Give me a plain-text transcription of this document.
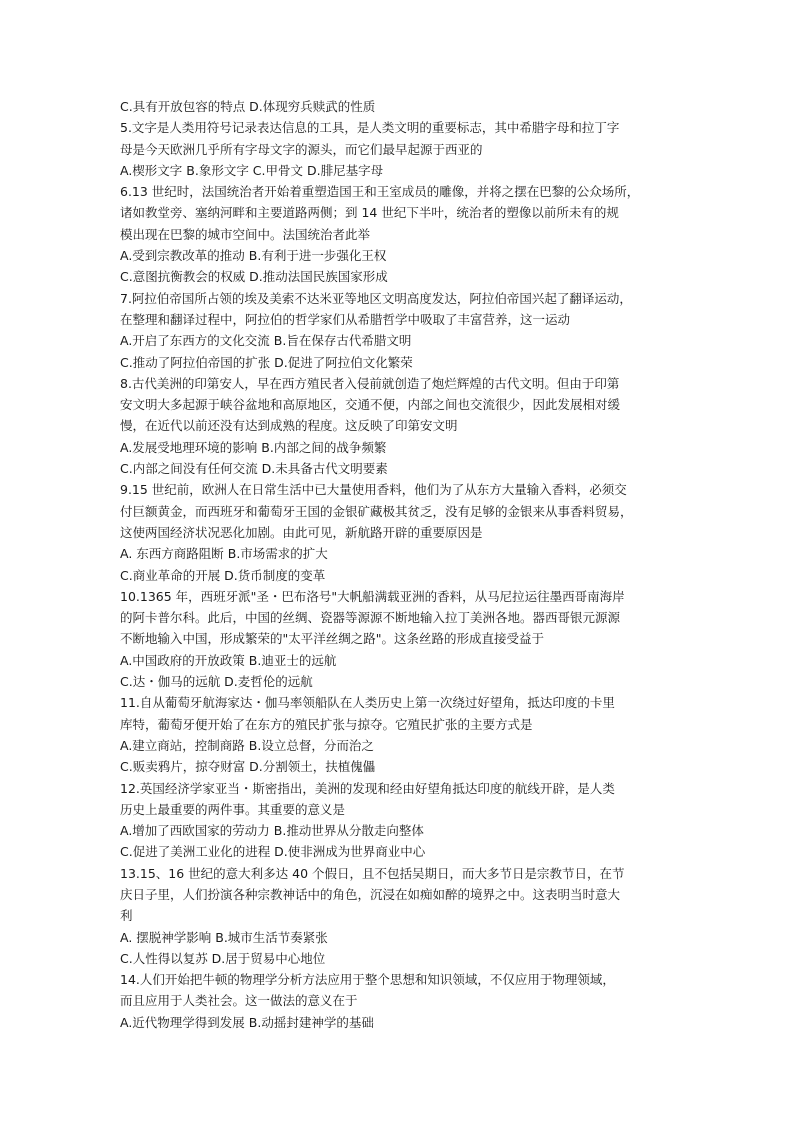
C.具有开放包容的特点 D.体现穷兵赎武的性质
5.文字是人类用符号记录表达信息的工具，是人类文明的重要标志，其中希腊字母和拉丁字
母是今天欧洲几乎所有字母文字的源头，而它们最早起源于西亚的
A.楔形文字 B.象形文字 C.甲骨文 D.腓尼基字母
6.13 世纪时，法国统治者开始着重塑造国王和王室成员的雕像，并将之摆在巴黎的公众场所，
诸如教堂旁、塞纳河畔和主要道路两侧；到 14 世纪下半叶，统治者的塑像以前所未有的规
模出现在巴黎的城市空间中。法国统治者此举
A.受到宗教改革的推动 B.有利于进一步强化王权
C.意图抗衡教会的权威 D.推动法国民族国家形成
7.阿拉伯帝国所占领的埃及美索不达米亚等地区文明高度发达，阿拉伯帝国兴起了翻译运动，
在整理和翻译过程中，阿拉伯的哲学家们从希腊哲学中吸取了丰富营养，这一运动
A.开启了东西方的文化交流 B.旨在保存古代希腊文明
C.推动了阿拉伯帝国的扩张 D.促进了阿拉伯文化繁荣
8.古代美洲的印第安人，早在西方殖民者入侵前就创造了炮烂辉煌的古代文明。但由于印第
安文明大多起源于峡谷盆地和高原地区，交通不便，内部之间也交流很少，因此发展相对缓
慢，在近代以前还没有达到成熟的程度。这反映了印第安文明
A.发展受地理环境的影响 B.内部之间的战争频繁
C.内部之间没有任何交流 D.未具备古代文明要素
9.15 世纪前，欧洲人在日常生活中已大量使用香料，他们为了从东方大量输入香料，必须交
付巨额黄金，而西班牙和葡萄牙王国的金银矿藏极其贫乏，没有足够的金银来从事香料贸易，
这使两国经济状况恶化加剧。由此可见，新航路开辟的重要原因是
A. 东西方商路阻断 B.市场需求的扩大
C.商业革命的开展 D.货币制度的变革
10.1365 年，西班牙派"圣・巴布洛号"大帆船满载亚洲的香料，从马尼拉运往墨西哥南海岸
的阿卡普尔科。此后，中国的丝绸、瓷器等源源不断地输入拉丁美洲各地。器西哥银元源源
不断地输入中国，形成繁荣的"太平洋丝绸之路"。这条丝路的形成直接受益于
A.中国政府的开放政策 B.迪亚士的远航
C.达・伽马的远航 D.麦哲伦的远航
11.自从葡萄牙航海家达・伽马率领船队在人类历史上第一次绕过好望角，抵达印度的卡里
库特，葡萄牙便开始了在东方的殖民扩张与掠夺。它殖民扩张的主要方式是
A.建立商站，控制商路 B.设立总督，分而治之
C.贩卖鸦片，掠夺财富 D.分割领土，扶植傀儡
12.英国经济学家亚当・斯密指出，美洲的发现和经由好望角抵达印度的航线开辟，是人类
历史上最重要的两件事。其重要的意义是
A.增加了西欧国家的劳动力 B.推动世界从分散走向整体
C.促进了美洲工业化的进程 D.使非洲成为世界商业中心
13.15、16 世纪的意大利多达 40 个假日，且不包括吴期日，而大多节日是宗教节日，在节
庆日子里，人们扮演各种宗教神话中的角色，沉浸在如痴如醉的境界之中。这表明当时意大
利
A. 摆脱神学影响 B.城市生活节奏紧张
C.人性得以复苏 D.居于贸易中心地位
14.人们开始把牛顿的物理学分析方法应用于整个思想和知识领域，不仅应用于物理领域，
而且应用于人类社会。这一做法的意义在于
A.近代物理学得到发展 B.动摇封建神学的基础
